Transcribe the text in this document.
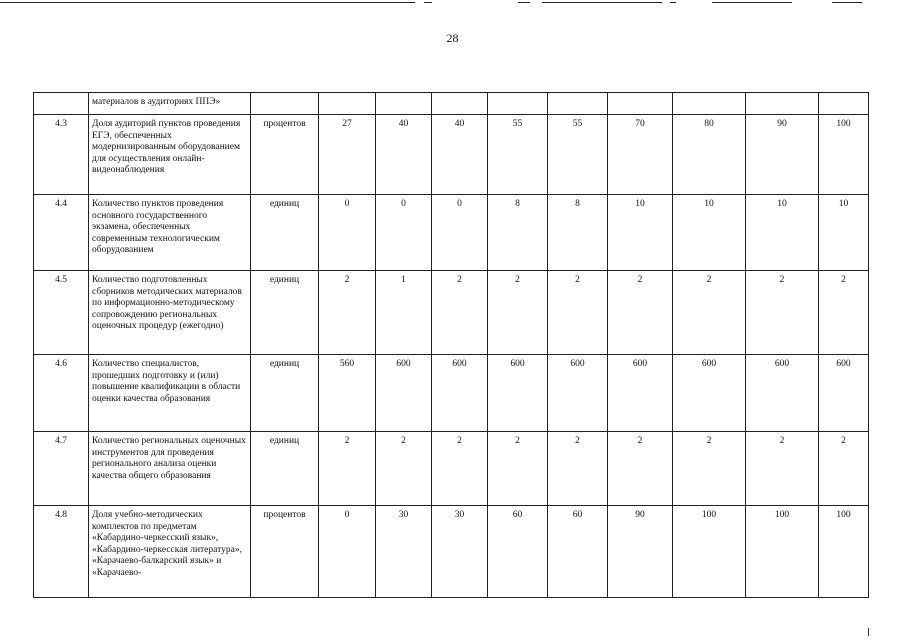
28
	материалов в аудиториях ППЭ»										
4.3	Доля аудиторий пунктов проведения ЕГЭ, обеспеченных модернизированным оборудованием для осуществления онлайн-видеонаблюдения	процентов	27	40	40	55	55	70	80	90	100
4.4	Количество пунктов проведения основного государственного экзамена, обеспеченных современным технологическим оборудованием	единиц	0	0	0	8	8	10	10	10	10
4.5	Количество подготовленных сборников методических материалов по информационно-методическому сопровождению региональных оценочных процедур (ежегодно)	единиц	2	1	2	2	2	2	2	2	2
4.6	Количество специалистов, прошедших подготовку и (или) повышение квалификации в области оценки качества образования	единиц	560	600	600	600	600	600	600	600	600
4.7	Количество региональных оценочных инструментов для проведения регионального анализа оценки качества общего образования	единиц	2	2	2	2	2	2	2	2	2
4.8	Доля учебно-методических комплектов по предметам «Кабардино-черкесский язык», «Кабардино-черкесская литература», «Карачаево-балкарский язык» и «Карачаево-	процентов	0	30	30	60	60	90	100	100	100
